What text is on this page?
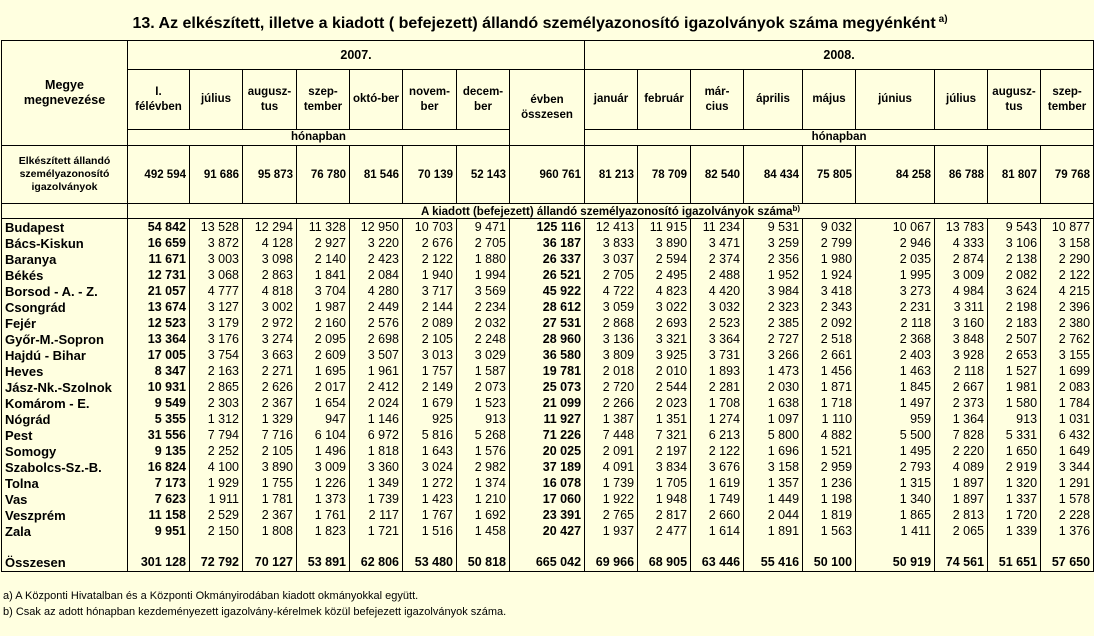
13. Az elkészített, illetve a kiadott ( befejezett) állandó személyazonosító igazolványok száma megyénként $^{a)}$
Megye megnevezése	2007.								2008.								
	I. félévben	július	augusz-tus	szep-tember	októ-ber	novem-ber	decem-ber	évben összesen	január	február	már-cius	április	május	június	július	augusz-tus	szep-tember
	hónapban								hónapban								
Elkészített állandó személyazonosító igazolványok	492 594	91 686	95 873	76 780	81 546	70 139	52 143	960 761	81 213	78 709	82 540	84 434	75 805	84 258	86 788	81 807	79 768
	A kiadott (befejezett) állandó személyazonosító igazolványok száma$^{b)}$
Budapest	54 842	13 528	12 294	11 328	12 950	10 703	9 471	125 116	12 413	11 915	11 234	9 531	9 032	10 067	13 783	9 543	10 877
Bács-Kiskun	16 659	3 872	4 128	2 927	3 220	2 676	2 705	36 187	3 833	3 890	3 471	3 259	2 799	2 946	4 333	3 106	3 158
Baranya	11 671	3 003	3 098	2 140	2 423	2 122	1 880	26 337	3 037	2 594	2 374	2 356	1 980	2 035	2 874	2 138	2 290
Békés	12 731	3 068	2 863	1 841	2 084	1 940	1 994	26 521	2 705	2 495	2 488	1 952	1 924	1 995	3 009	2 082	2 122
Borsod - A. - Z.	21 057	4 777	4 818	3 704	4 280	3 717	3 569	45 922	4 722	4 823	4 420	3 984	3 418	3 273	4 984	3 624	4 215
Csongrád	13 674	3 127	3 002	1 987	2 449	2 144	2 234	28 612	3 059	3 022	3 032	2 323	2 343	2 231	3 311	2 198	2 396
Fejér	12 523	3 179	2 972	2 160	2 576	2 089	2 032	27 531	2 868	2 693	2 523	2 385	2 092	2 118	3 160	2 183	2 380
Győr-M.-Sopron	13 364	3 176	3 274	2 095	2 698	2 105	2 248	28 960	3 136	3 321	3 364	2 727	2 518	2 368	3 848	2 507	2 762
Hajdú - Bihar	17 005	3 754	3 663	2 609	3 507	3 013	3 029	36 580	3 809	3 925	3 731	3 266	2 661	2 403	3 928	2 653	3 155
Heves	8 347	2 163	2 271	1 695	1 961	1 757	1 587	19 781	2 018	2 010	1 893	1 473	1 456	1 463	2 118	1 527	1 699
Jász-Nk.-Szolnok	10 931	2 865	2 626	2 017	2 412	2 149	2 073	25 073	2 720	2 544	2 281	2 030	1 871	1 845	2 667	1 981	2 083
Komárom - E.	9 549	2 303	2 367	1 654	2 024	1 679	1 523	21 099	2 266	2 023	1 708	1 638	1 718	1 497	2 373	1 580	1 784
Nógrád	5 355	1 312	1 329	947	1 146	925	913	11 927	1 387	1 351	1 274	1 097	1 110	959	1 364	913	1 031
Pest	31 556	7 794	7 716	6 104	6 972	5 816	5 268	71 226	7 448	7 321	6 213	5 800	4 882	5 500	7 828	5 331	6 432
Somogy	9 135	2 252	2 105	1 496	1 818	1 643	1 576	20 025	2 091	2 197	2 122	1 696	1 521	1 495	2 220	1 650	1 649
Szabolcs-Sz.-B.	16 824	4 100	3 890	3 009	3 360	3 024	2 982	37 189	4 091	3 834	3 676	3 158	2 959	2 793	4 089	2 919	3 344
Tolna	7 173	1 929	1 755	1 226	1 349	1 272	1 374	16 078	1 739	1 705	1 619	1 357	1 236	1 315	1 897	1 320	1 291
Vas	7 623	1 911	1 781	1 373	1 739	1 423	1 210	17 060	1 922	1 948	1 749	1 449	1 198	1 340	1 897	1 337	1 578
Veszprém	11 158	2 529	2 367	1 761	2 117	1 767	1 692	23 391	2 765	2 817	2 660	2 044	1 819	1 865	2 813	1 720	2 228
Zala	9 951	2 150	1 808	1 823	1 721	1 516	1 458	20 427	1 937	2 477	1 614	1 891	1 563	1 411	2 065	1 339	1 376

Összesen	301 128	72 792	70 127	53 891	62 806	53 480	50 818	665 042	69 966	68 905	63 446	55 416	50 100	50 919	74 561	51 651	57 650
a) A Központi Hivatalban és a Központi Okmányirodában kiadott okmányokkal együtt.
b) Csak az adott hónapban kezdeményezett igazolvány-kérelmek közül befejezett igazolványok száma.
